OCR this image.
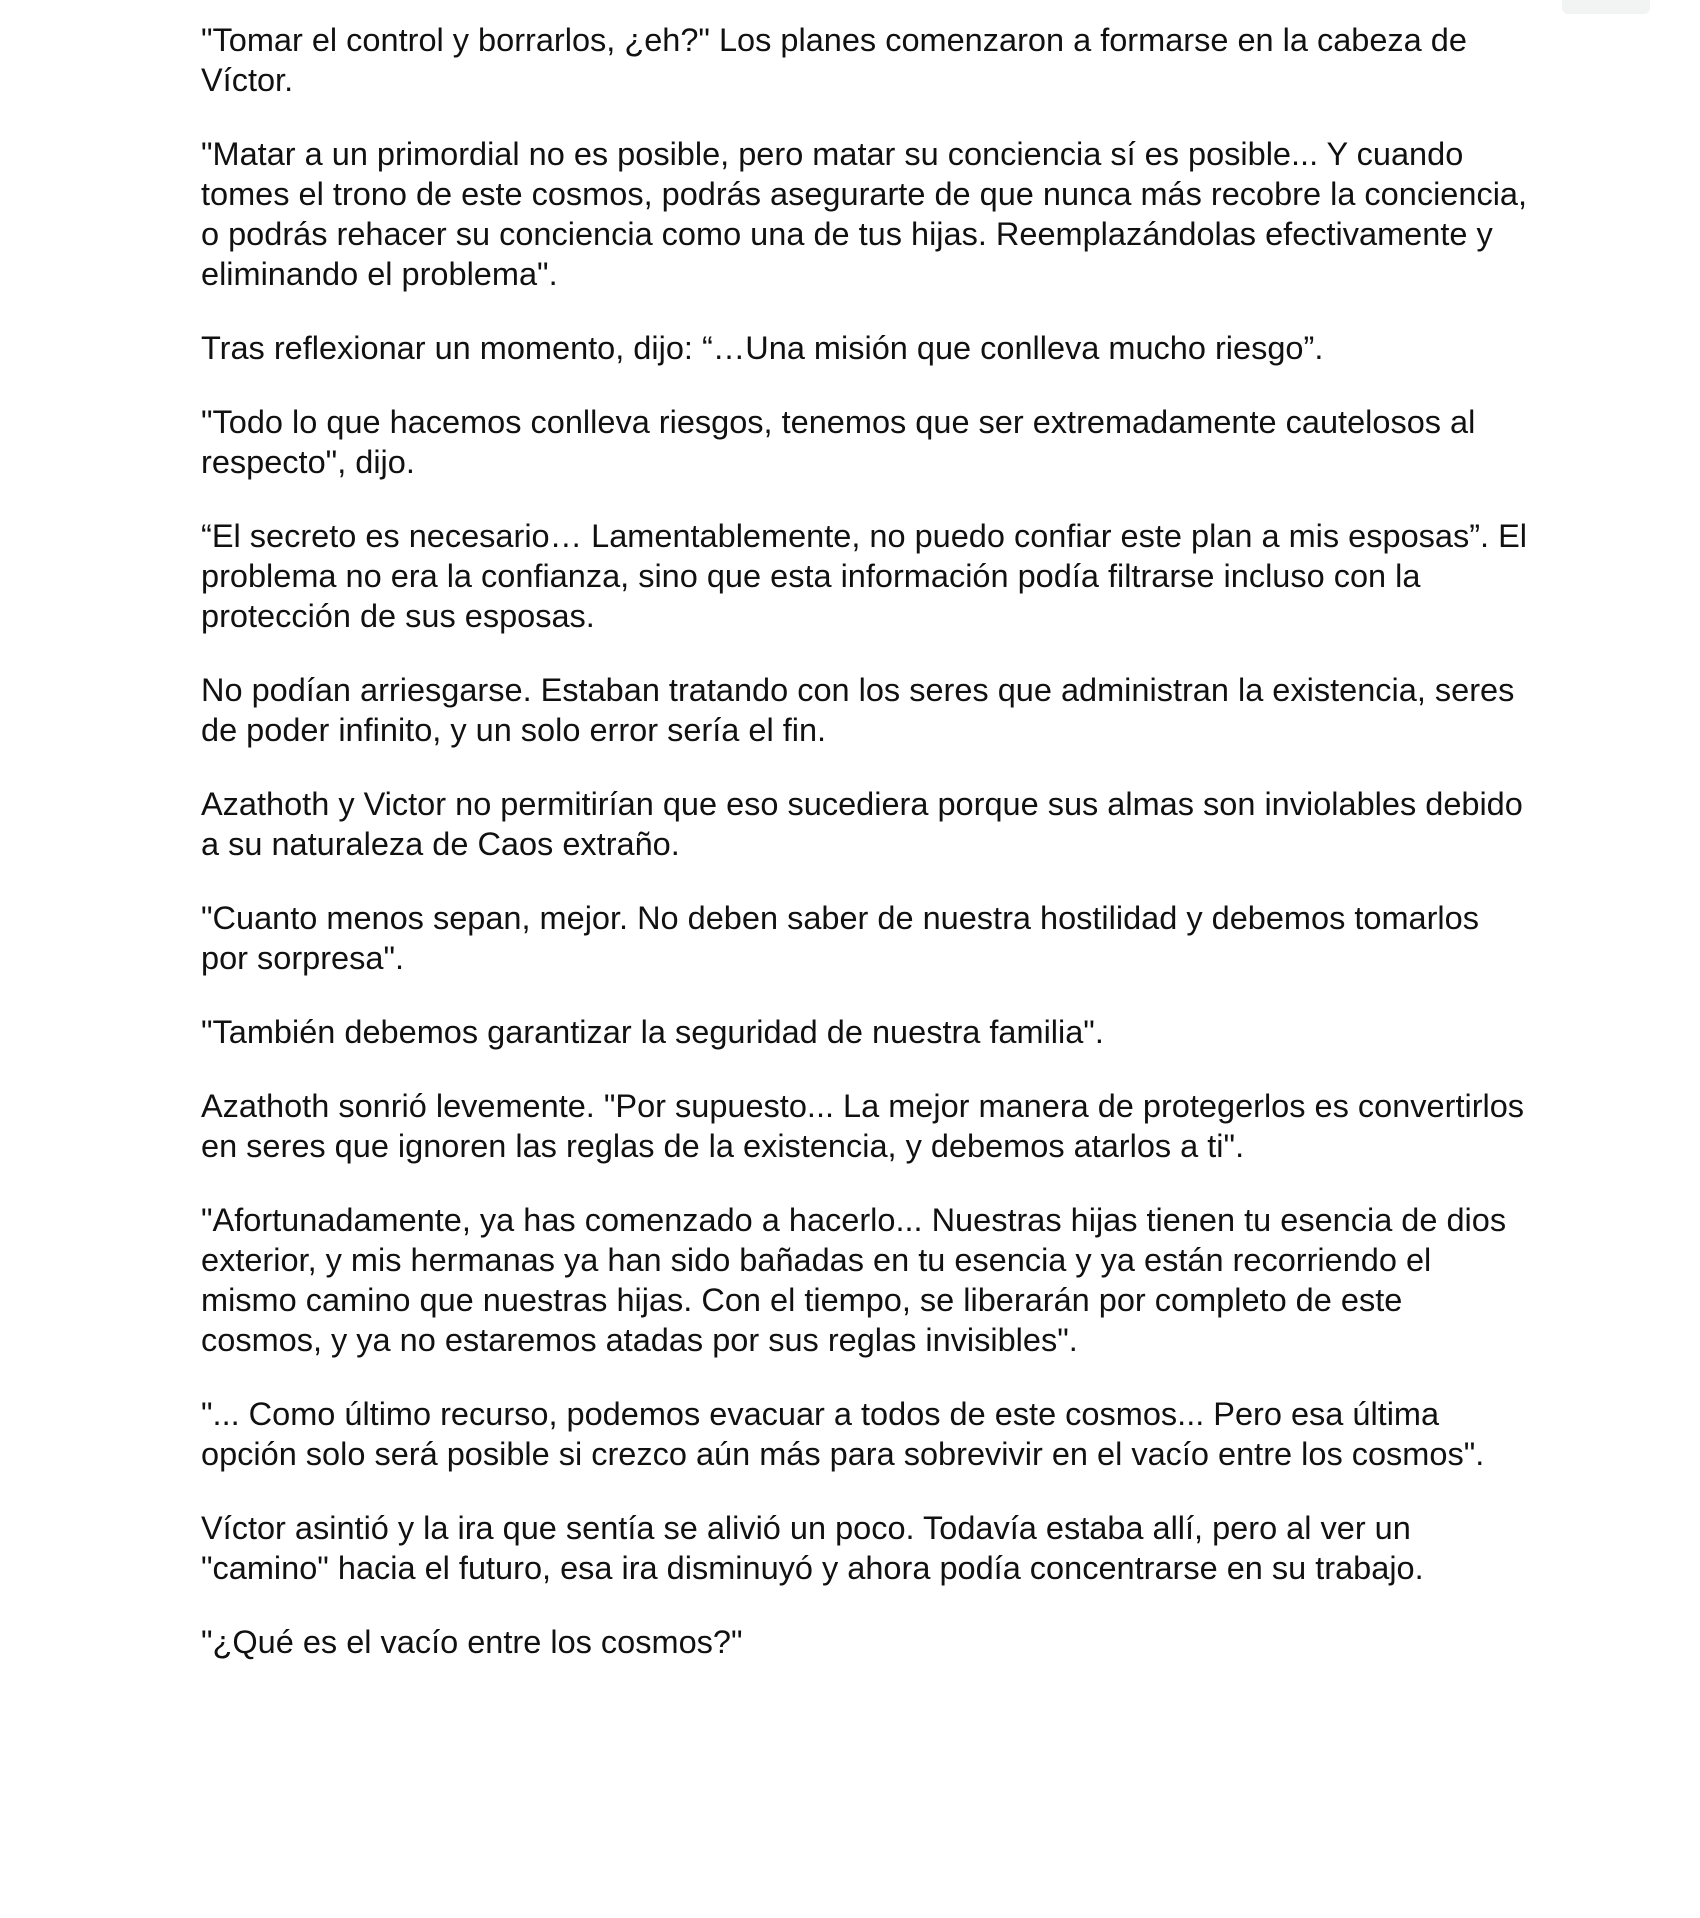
"Tomar el control y borrarlos, ¿eh?" Los planes comenzaron a formarse en la cabeza de Víctor.

"Matar a un primordial no es posible, pero matar su conciencia sí es posible... Y cuando tomes el trono de este cosmos, podrás asegurarte de que nunca más recobre la conciencia, o podrás rehacer su conciencia como una de tus hijas. Reemplazándolas efectivamente y eliminando el problema".

Tras reflexionar un momento, dijo: “…Una misión que conlleva mucho riesgo”.

"Todo lo que hacemos conlleva riesgos, tenemos que ser extremadamente cautelosos al respecto", dijo.

“El secreto es necesario… Lamentablemente, no puedo confiar este plan a mis esposas”. El problema no era la confianza, sino que esta información podía filtrarse incluso con la protección de sus esposas.

No podían arriesgarse. Estaban tratando con los seres que administran la existencia, seres de poder infinito, y un solo error sería el fin.

Azathoth y Victor no permitirían que eso sucediera porque sus almas son inviolables debido a su naturaleza de Caos extraño.

"Cuanto menos sepan, mejor. No deben saber de nuestra hostilidad y debemos tomarlos por sorpresa".

"También debemos garantizar la seguridad de nuestra familia".

Azathoth sonrió levemente. "Por supuesto... La mejor manera de protegerlos es convertirlos en seres que ignoren las reglas de la existencia, y debemos atarlos a ti".

"Afortunadamente, ya has comenzado a hacerlo... Nuestras hijas tienen tu esencia de dios exterior, y mis hermanas ya han sido bañadas en tu esencia y ya están recorriendo el mismo camino que nuestras hijas. Con el tiempo, se liberarán por completo de este cosmos, y ya no estaremos atadas por sus reglas invisibles".

"... Como último recurso, podemos evacuar a todos de este cosmos... Pero esa última opción solo será posible si crezco aún más para sobrevivir en el vacío entre los cosmos".

Víctor asintió y la ira que sentía se alivió un poco. Todavía estaba allí, pero al ver un "camino" hacia el futuro, esa ira disminuyó y ahora podía concentrarse en su trabajo.

"¿Qué es el vacío entre los cosmos?"
